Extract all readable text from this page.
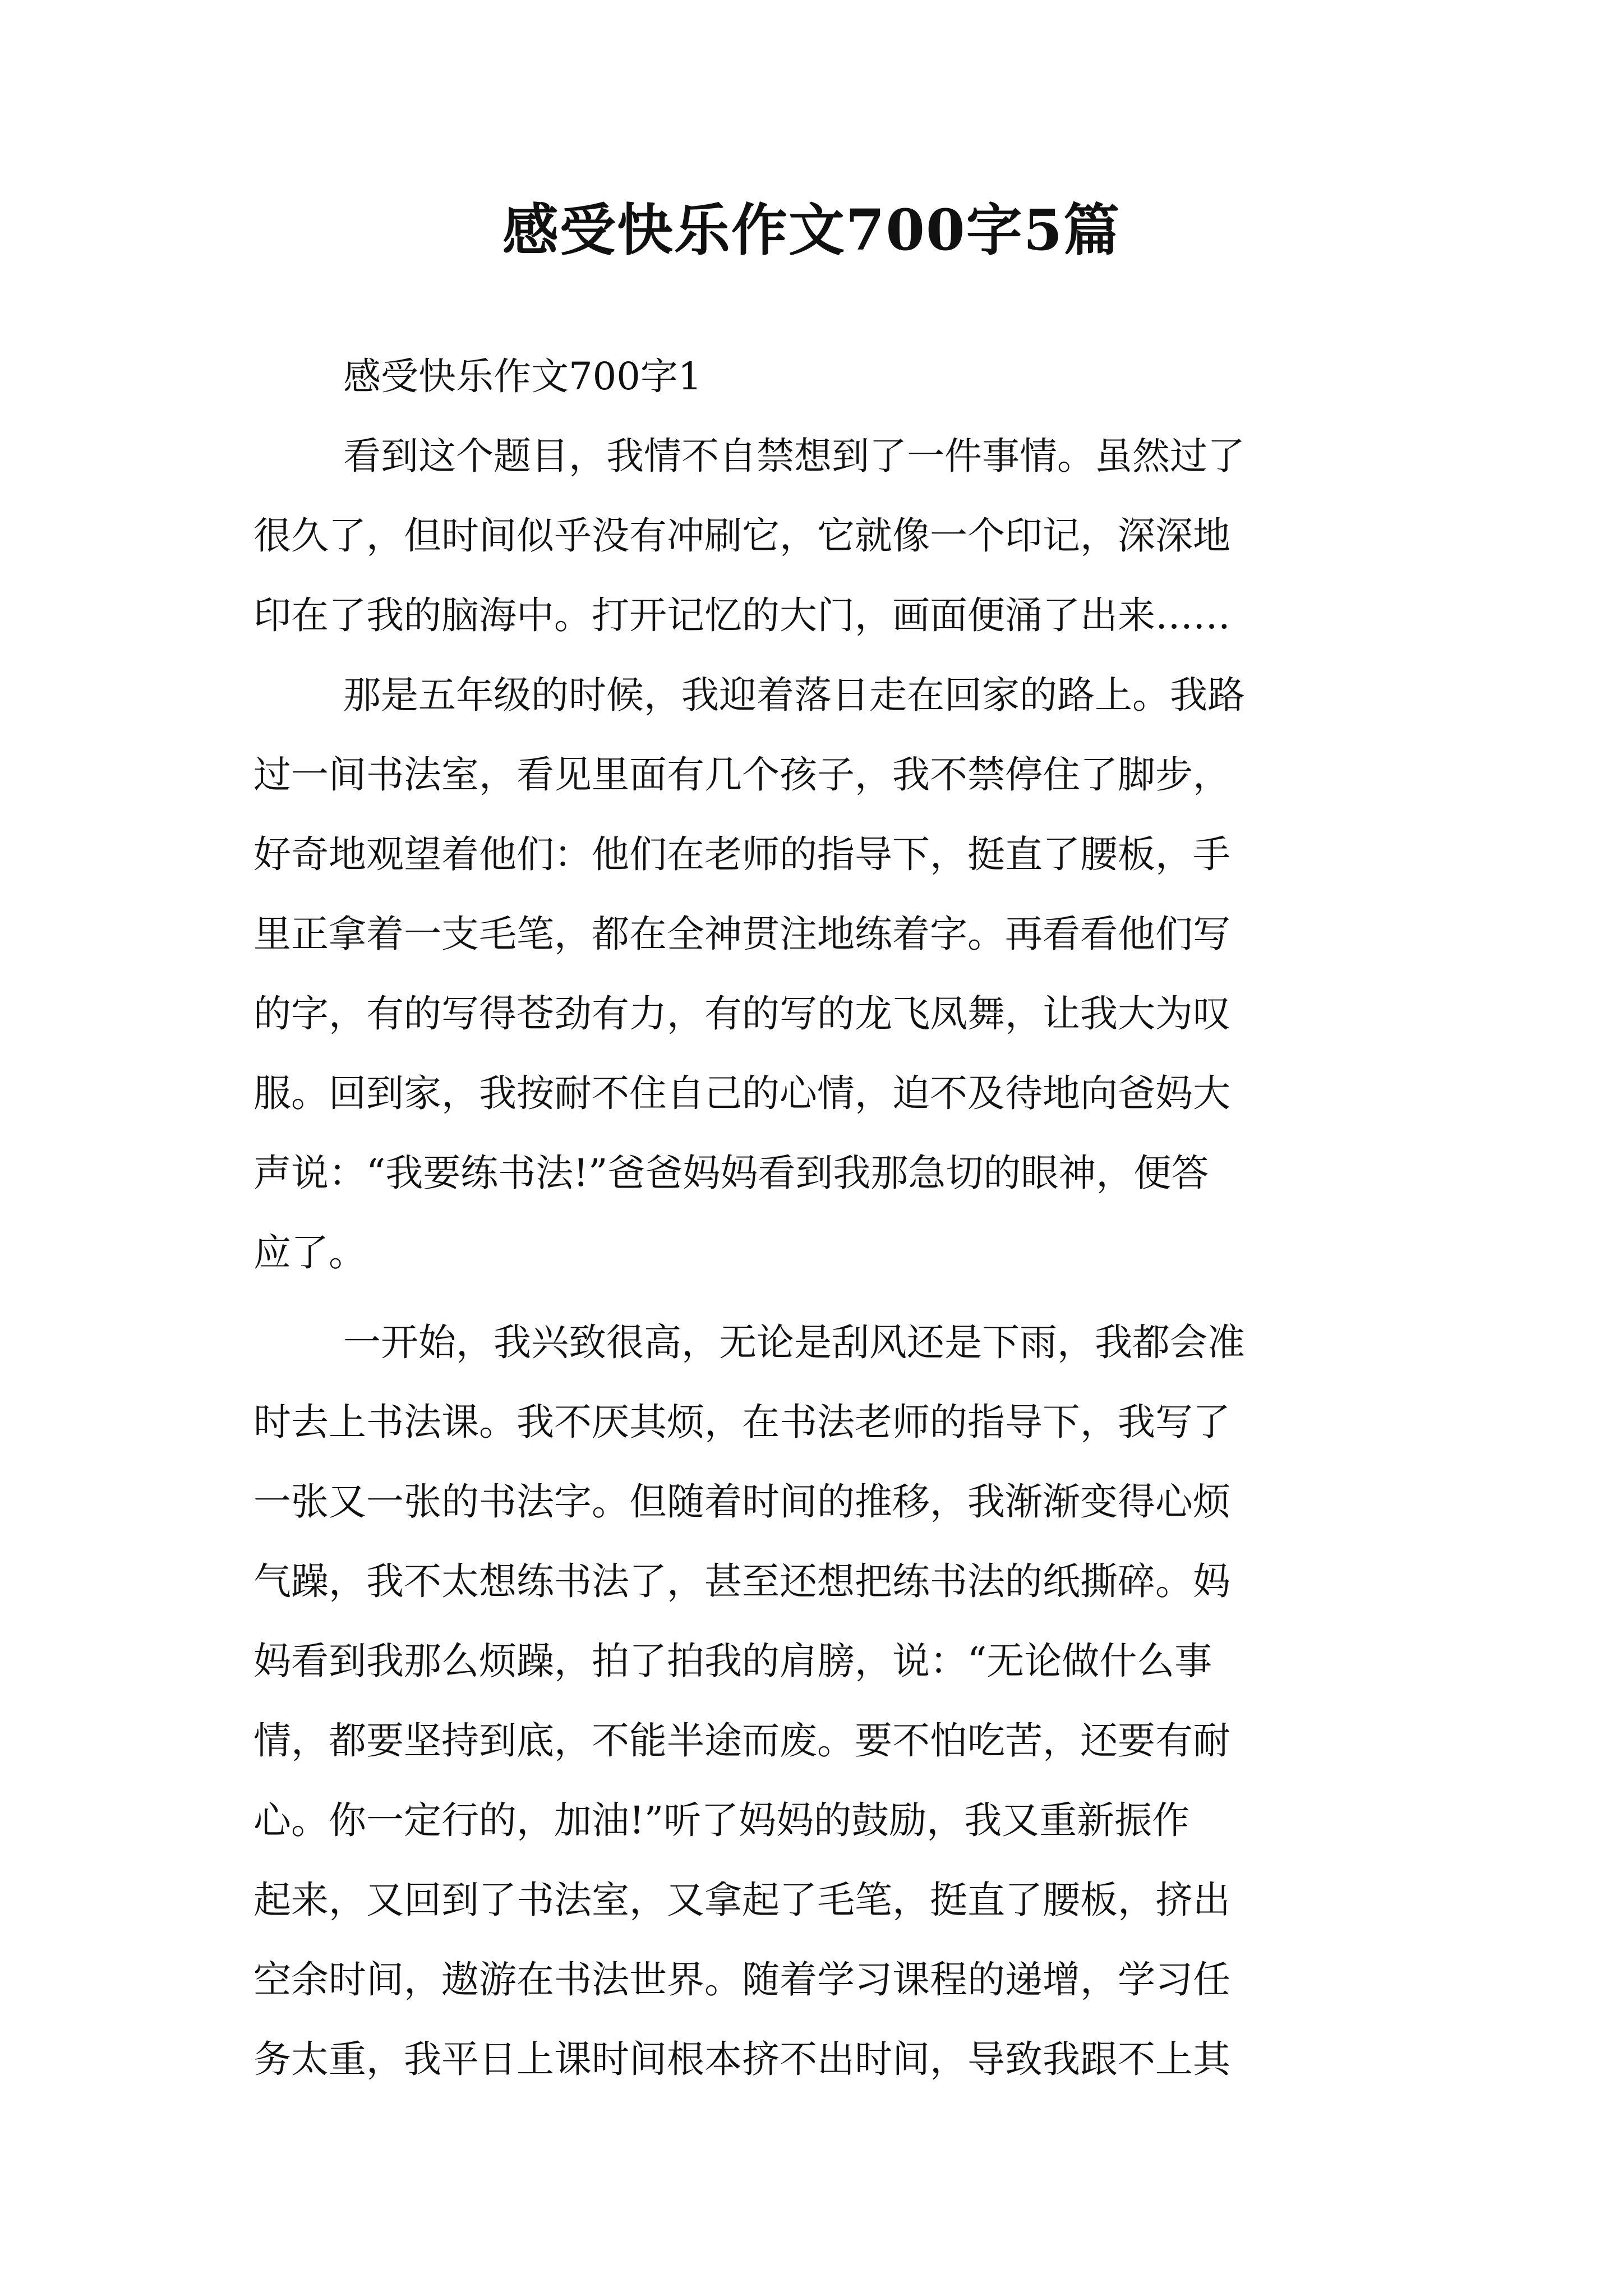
感受快乐作文700字5篇
感受快乐作文700字1
看到这个题目，我情不自禁想到了一件事情。虽然过了
很久了，但时间似乎没有冲刷它，它就像一个印记，深深地
印在了我的脑海中。打开记忆的大门，画面便涌了出来……
那是五年级的时候，我迎着落日走在回家的路上。我路
过一间书法室，看见里面有几个孩子，我不禁停住了脚步，
好奇地观望着他们：他们在老师的指导下，挺直了腰板，手
里正拿着一支毛笔，都在全神贯注地练着字。再看看他们写
的字，有的写得苍劲有力，有的写的龙飞凤舞，让我大为叹
服。回到家，我按耐不住自己的心情，迫不及待地向爸妈大
声说：“我要练书法!”爸爸妈妈看到我那急切的眼神，便答
应了。
一开始，我兴致很高，无论是刮风还是下雨，我都会准
时去上书法课。我不厌其烦，在书法老师的指导下，我写了
一张又一张的书法字。但随着时间的推移，我渐渐变得心烦
气躁，我不太想练书法了，甚至还想把练书法的纸撕碎。妈
妈看到我那么烦躁，拍了拍我的肩膀，说：“无论做什么事
情，都要坚持到底，不能半途而废。要不怕吃苦，还要有耐
心。你一定行的，加油!”听了妈妈的鼓励，我又重新振作
起来，又回到了书法室，又拿起了毛笔，挺直了腰板，挤出
空余时间，遨游在书法世界。随着学习课程的递增，学习任
务太重，我平日上课时间根本挤不出时间，导致我跟不上其
